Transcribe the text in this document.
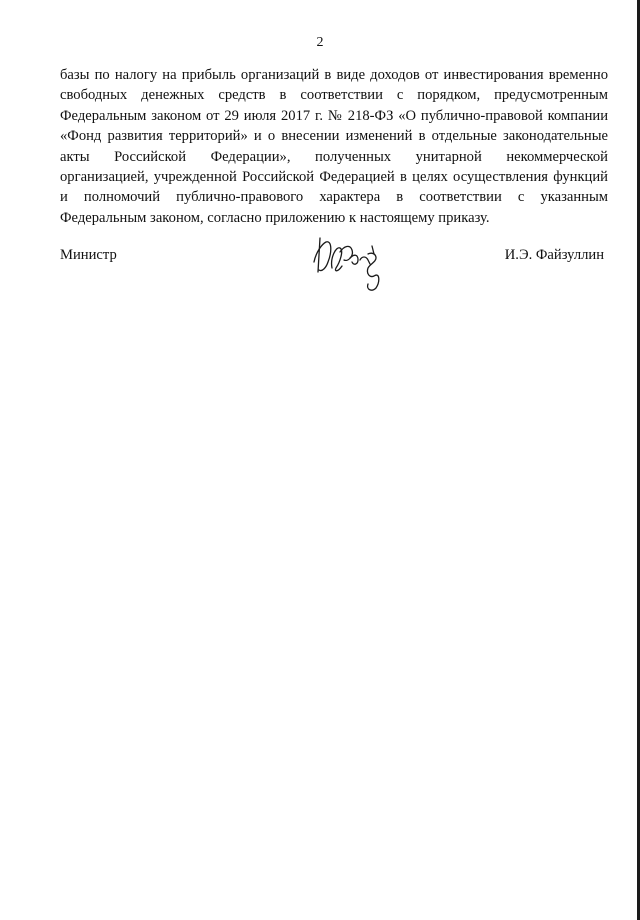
2
базы по налогу на прибыль организаций в виде доходов от инвестирования временно
свободных денежных средств в соответствии с порядком, предусмотренным
Федеральным законом от 29 июля 2017 г. № 218-ФЗ «О публично-правовой компании
«Фонд развития территорий» и о внесении изменений в отдельные законодательные
акты Российской Федерации», полученных унитарной некоммерческой
организацией, учрежденной Российской Федерацией в целях осуществления функций
и полномочий публично-правового характера в соответствии с указанным
Федеральным законом, согласно приложению к настоящему приказу.
Министр	И.Э. Файзуллин
